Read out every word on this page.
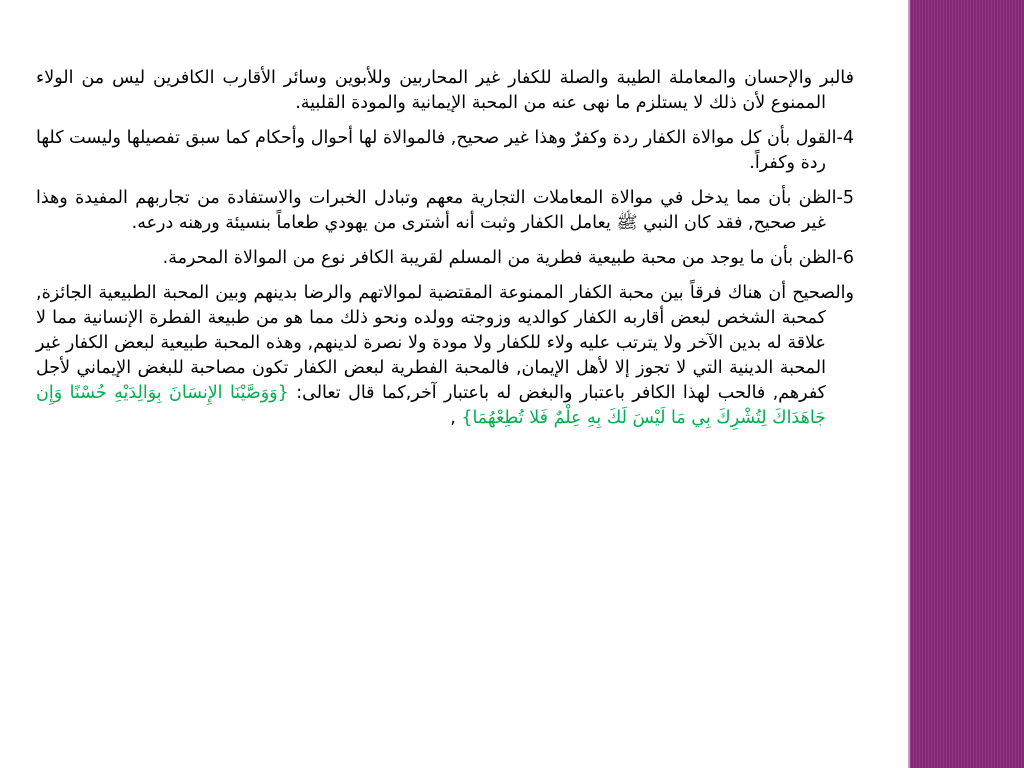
فالبر والإحسان والمعاملة الطيبة والصلة للكفار غير المحاربين وللأبوين وسائر الأقارب الكافرين ليس من الولاء الممنوع لأن ذلك لا يستلزم ما نهى عنه من المحبة الإيمانية والمودة القلبية.

4-القول بأن كل موالاة الكفار ردة وكفرٌ وهذا غير صحيح, فالموالاة لها أحوال وأحكام كما سبق تفصيلها وليست كلها ردة وكفراً.

5-الظن بأن مما يدخل في موالاة المعاملات التجارية معهم وتبادل الخبرات والاستفادة من تجاربهم المفيدة وهذا غير صحيح, فقد كان النبي ﷺ يعامل الكفار وثبت أنه أشترى من يهودي طعاماً بنسيئة ورهنه درعه.

6-الظن بأن ما يوجد من محبة طبيعية فطرية من المسلم لقريبة الكافر نوع من الموالاة المحرمة.

والصحيح أن هناك فرقاً بين محبة الكفار الممنوعة المقتضية لموالاتهم والرضا بدينهم وبين المحبة الطبيعية الجائزة, كمحبة الشخص لبعض أقاربه الكفار كوالديه وزوجته وولده ونحو ذلك مما هو من طبيعة الفطرة الإنسانية مما لا علاقة له بدين الآخر ولا يترتب عليه ولاء للكفار ولا مودة ولا نصرة لدينهم, وهذه المحبة طبيعية لبعض الكفار غير المحبة الدينية التي لا تجوز إلا لأهل الإيمان, فالمحبة الفطرية لبعض الكفار تكون مصاحبة للبغض الإيماني لأجل كفرهم, فالحب لهذا الكافر باعتبار والبغض له باعتبار آخر,كما قال تعالى: {وَوَصَّيْنَا الإِنسَانَ بِوَالِدَيْهِ حُسْنًا وَإِن جَاهَدَاكَ لِتُشْرِكَ بِي مَا لَيْسَ لَكَ بِهِ عِلْمٌ فَلا تُطِعْهُمَا} ,
